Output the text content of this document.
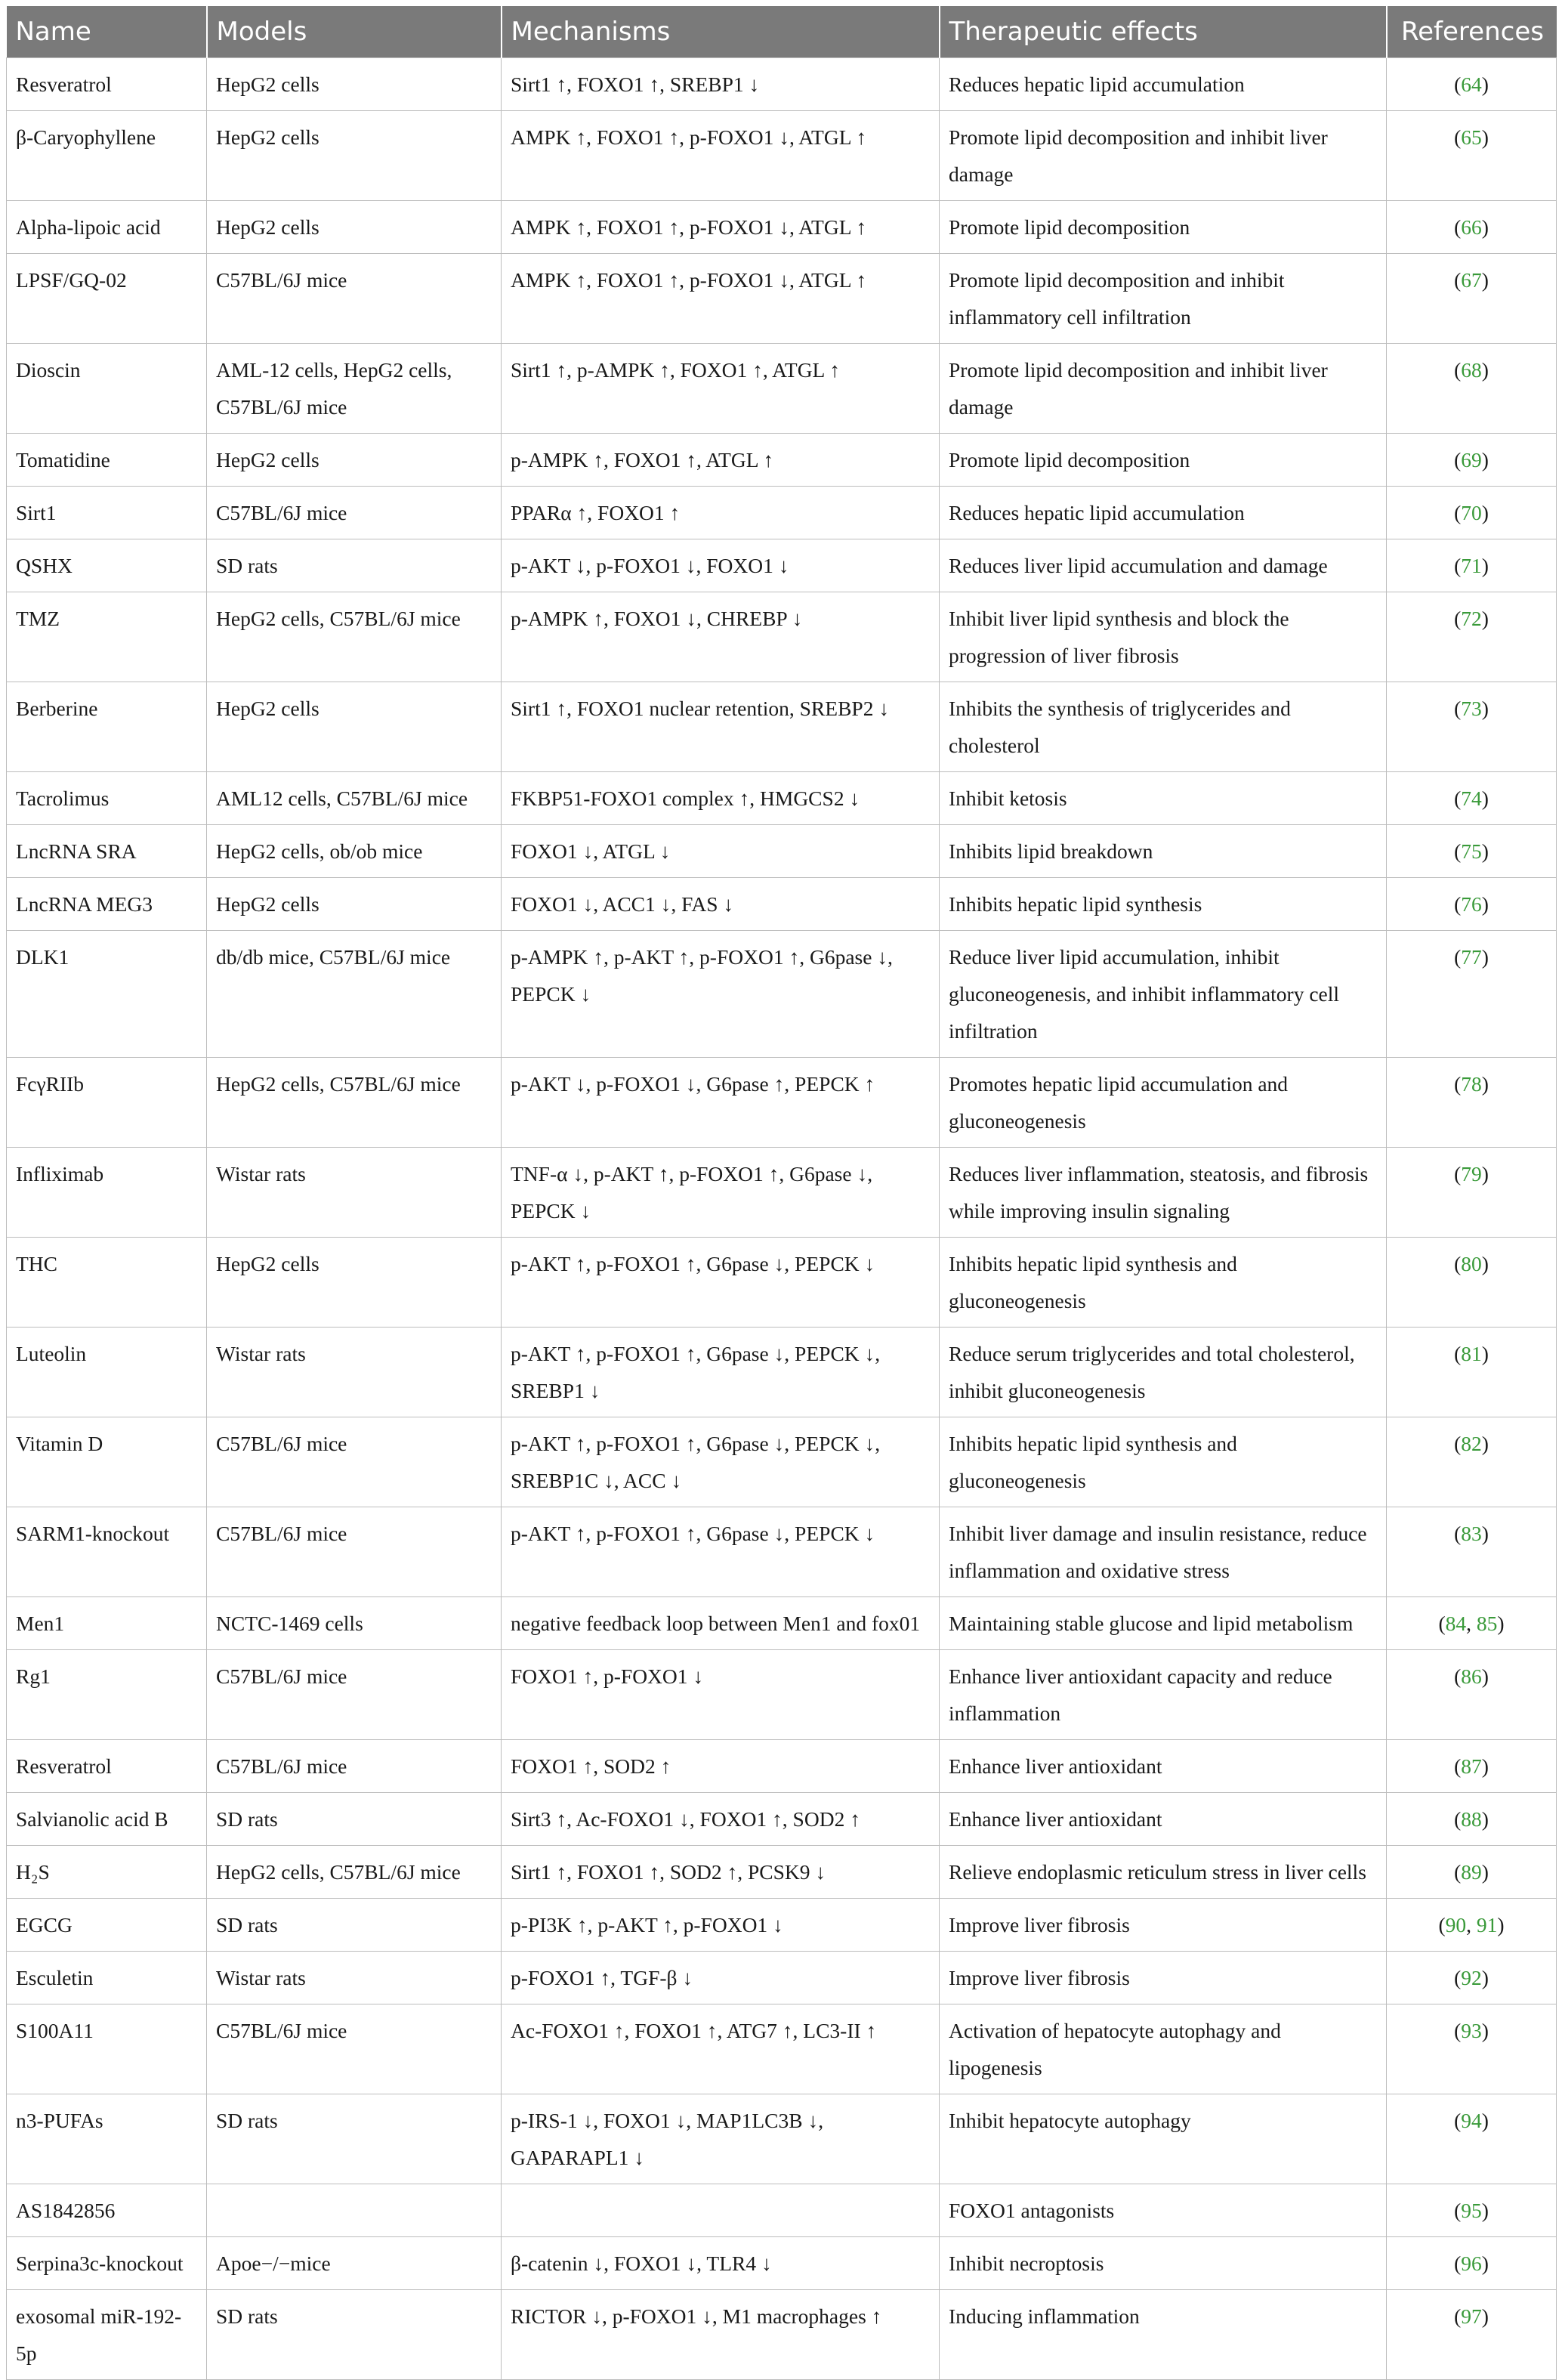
Name	Models	Mechanisms	Therapeutic effects	References
Resveratrol	HepG2 cells	Sirt1 ↑, FOXO1 ↑, SREBP1 ↓	Reduces hepatic lipid accumulation	(64)
β-Caryophyllene	HepG2 cells	AMPK ↑, FOXO1 ↑, p-FOXO1 ↓, ATGL ↑	Promote lipid decomposition and inhibit liver damage	(65)
Alpha-lipoic acid	HepG2 cells	AMPK ↑, FOXO1 ↑, p-FOXO1 ↓, ATGL ↑	Promote lipid decomposition	(66)
LPSF/GQ-02	C57BL/6J mice	AMPK ↑, FOXO1 ↑, p-FOXO1 ↓, ATGL ↑	Promote lipid decomposition and inhibit inflammatory cell infiltration	(67)
Dioscin	AML-12 cells, HepG2 cells, C57BL/6J mice	Sirt1 ↑, p-AMPK ↑, FOXO1 ↑, ATGL ↑	Promote lipid decomposition and inhibit liver damage	(68)
Tomatidine	HepG2 cells	p-AMPK ↑, FOXO1 ↑, ATGL ↑	Promote lipid decomposition	(69)
Sirt1	C57BL/6J mice	PPARα ↑, FOXO1 ↑	Reduces hepatic lipid accumulation	(70)
QSHX	SD rats	p-AKT ↓, p-FOXO1 ↓, FOXO1 ↓	Reduces liver lipid accumulation and damage	(71)
TMZ	HepG2 cells, C57BL/6J mice	p-AMPK ↑, FOXO1 ↓, CHREBP ↓	Inhibit liver lipid synthesis and block the progression of liver fibrosis	(72)
Berberine	HepG2 cells	Sirt1 ↑, FOXO1 nuclear retention, SREBP2 ↓	Inhibits the synthesis of triglycerides and cholesterol	(73)
Tacrolimus	AML12 cells, C57BL/6J mice	FKBP51-FOXO1 complex ↑, HMGCS2 ↓	Inhibit ketosis	(74)
LncRNA SRA	HepG2 cells, ob/ob mice	FOXO1 ↓, ATGL ↓	Inhibits lipid breakdown	(75)
LncRNA MEG3	HepG2 cells	FOXO1 ↓, ACC1 ↓, FAS ↓	Inhibits hepatic lipid synthesis	(76)
DLK1	db/db mice, C57BL/6J mice	p-AMPK ↑, p-AKT ↑, p-FOXO1 ↑, G6pase ↓, PEPCK ↓	Reduce liver lipid accumulation, inhibit gluconeogenesis, and inhibit inflammatory cell infiltration	(77)
FcγRIIb	HepG2 cells, C57BL/6J mice	p-AKT ↓, p-FOXO1 ↓, G6pase ↑, PEPCK ↑	Promotes hepatic lipid accumulation and gluconeogenesis	(78)
Infliximab	Wistar rats	TNF-α ↓, p-AKT ↑, p-FOXO1 ↑, G6pase ↓, PEPCK ↓	Reduces liver inflammation, steatosis, and fibrosis while improving insulin signaling	(79)
THC	HepG2 cells	p-AKT ↑, p-FOXO1 ↑, G6pase ↓, PEPCK ↓	Inhibits hepatic lipid synthesis and gluconeogenesis	(80)
Luteolin	Wistar rats	p-AKT ↑, p-FOXO1 ↑, G6pase ↓, PEPCK ↓, SREBP1 ↓	Reduce serum triglycerides and total cholesterol, inhibit gluconeogenesis	(81)
Vitamin D	C57BL/6J mice	p-AKT ↑, p-FOXO1 ↑, G6pase ↓, PEPCK ↓, SREBP1C ↓, ACC ↓	Inhibits hepatic lipid synthesis and gluconeogenesis	(82)
SARM1-knockout	C57BL/6J mice	p-AKT ↑, p-FOXO1 ↑, G6pase ↓, PEPCK ↓	Inhibit liver damage and insulin resistance, reduce inflammation and oxidative stress	(83)
Men1	NCTC-1469 cells	negative feedback loop between Men1 and fox01	Maintaining stable glucose and lipid metabolism	(84, 85)
Rg1	C57BL/6J mice	FOXO1 ↑, p-FOXO1 ↓	Enhance liver antioxidant capacity and reduce inflammation	(86)
Resveratrol	C57BL/6J mice	FOXO1 ↑, SOD2 ↑	Enhance liver antioxidant	(87)
Salvianolic acid B	SD rats	Sirt3 ↑, Ac-FOXO1 ↓, FOXO1 ↑, SOD2 ↑	Enhance liver antioxidant	(88)
H₂S	HepG2 cells, C57BL/6J mice	Sirt1 ↑, FOXO1 ↑, SOD2 ↑, PCSK9 ↓	Relieve endoplasmic reticulum stress in liver cells	(89)
EGCG	SD rats	p-PI3K ↑, p-AKT ↑, p-FOXO1 ↓	Improve liver fibrosis	(90, 91)
Esculetin	Wistar rats	p-FOXO1 ↑, TGF-β ↓	Improve liver fibrosis	(92)
S100A11	C57BL/6J mice	Ac-FOXO1 ↑, FOXO1 ↑, ATG7 ↑, LC3-II ↑	Activation of hepatocyte autophagy and lipogenesis	(93)
n3-PUFAs	SD rats	p-IRS-1 ↓, FOXO1 ↓, MAP1LC3B ↓, GAPARAPL1 ↓	Inhibit hepatocyte autophagy	(94)
AS1842856			FOXO1 antagonists	(95)
Serpina3c-knockout	Apoe−/−mice	β-catenin ↓, FOXO1 ↓, TLR4 ↓	Inhibit necroptosis	(96)
exosomal miR-192-5p	SD rats	RICTOR ↓, p-FOXO1 ↓, M1 macrophages ↑	Inducing inflammation	(97)
